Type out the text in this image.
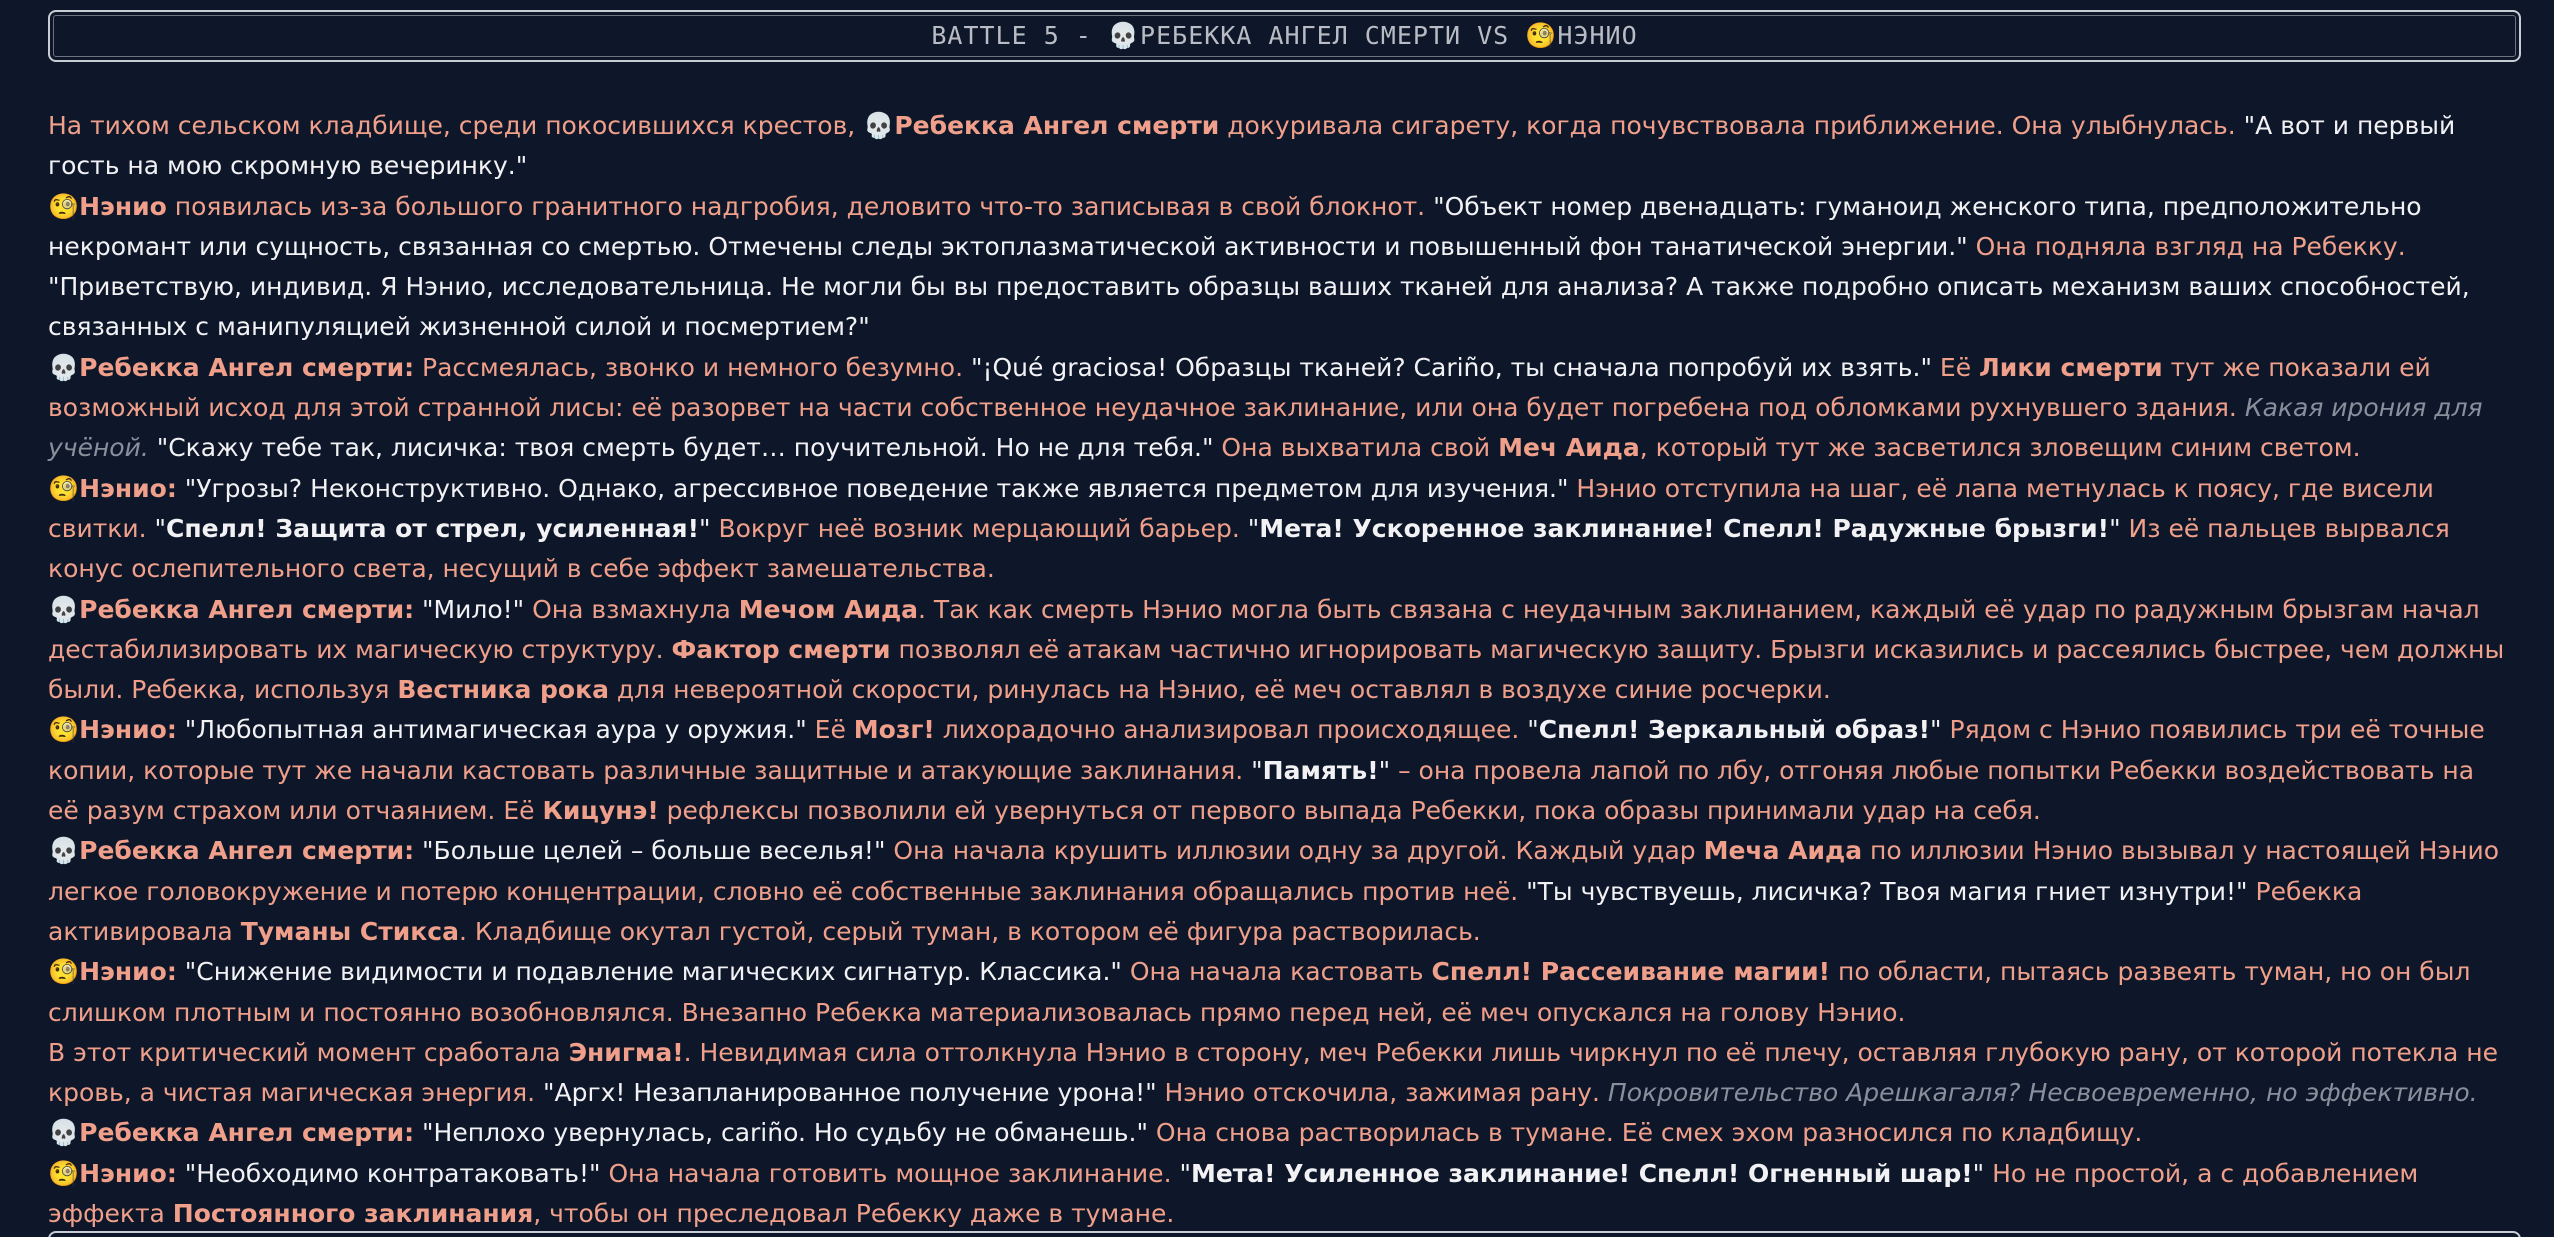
BATTLE 5 - 💀РЕБЕККА АНГЕЛ СМЕРТИ VS 🧐НЭНИО

На тихом сельском кладбище, среди покосившихся крестов, 💀Ребекка Ангел смерти докуривала сигарету, когда почувствовала приближение. Она улыбнулась. "А вот и первый гость на мою скромную вечеринку."

🧐Нэнио появилась из-за большого гранитного надгробия, деловито что-то записывая в свой блокнот. "Объект номер двенадцать: гуманоид женского типа, предположительно некромант или сущность, связанная со смертью. Отмечены следы эктоплазматической активности и повышенный фон танатической энергии." Она подняла взгляд на Ребекку. "Приветствую, индивид. Я Нэнио, исследовательница. Не могли бы вы предоставить образцы ваших тканей для анализа? А также подробно описать механизм ваших способностей, связанных с манипуляцией жизненной силой и посмертием?"

💀Ребекка Ангел смерти: Рассмеялась, звонко и немного безумно. "¡Qué graciosa! Образцы тканей? Cariño, ты сначала попробуй их взять." Её Лики смерти тут же показали ей возможный исход для этой странной лисы: её разорвет на части собственное неудачное заклинание, или она будет погребена под обломками рухнувшего здания. Какая ирония для учёной. "Скажу тебе так, лисичка: твоя смерть будет… поучительной. Но не для тебя." Она выхватила свой Меч Аида, который тут же засветился зловещим синим светом.

🧐Нэнио: "Угрозы? Неконструктивно. Однако, агрессивное поведение также является предметом для изучения." Нэнио отступила на шаг, её лапа метнулась к поясу, где висели свитки. "Спелл! Защита от стрел, усиленная!" Вокруг неё возник мерцающий барьер. "Мета! Ускоренное заклинание! Спелл! Радужные брызги!" Из её пальцев вырвался конус ослепительного света, несущий в себе эффект замешательства.

💀Ребекка Ангел смерти: "Мило!" Она взмахнула Мечом Аида. Так как смерть Нэнио могла быть связана с неудачным заклинанием, каждый её удар по радужным брызгам начал дестабилизировать их магическую структуру. Фактор смерти позволял её атакам частично игнорировать магическую защиту. Брызги исказились и рассеялись быстрее, чем должны были. Ребекка, используя Вестника рока для невероятной скорости, ринулась на Нэнио, её меч оставлял в воздухе синие росчерки.

🧐Нэнио: "Любопытная антимагическая аура у оружия." Её Мозг! лихорадочно анализировал происходящее. "Спелл! Зеркальный образ!" Рядом с Нэнио появились три её точные копии, которые тут же начали кастовать различные защитные и атакующие заклинания. "Память!" – она провела лапой по лбу, отгоняя любые попытки Ребекки воздействовать на её разум страхом или отчаянием. Её Кицунэ! рефлексы позволили ей увернуться от первого выпада Ребекки, пока образы принимали удар на себя.

💀Ребекка Ангел смерти: "Больше целей – больше веселья!" Она начала крушить иллюзии одну за другой. Каждый удар Меча Аида по иллюзии Нэнио вызывал у настоящей Нэнио легкое головокружение и потерю концентрации, словно её собственные заклинания обращались против неё. "Ты чувствуешь, лисичка? Твоя магия гниет изнутри!" Ребекка активировала Туманы Стикса. Кладбище окутал густой, серый туман, в котором её фигура растворилась.

🧐Нэнио: "Снижение видимости и подавление магических сигнатур. Классика." Она начала кастовать Спелл! Рассеивание магии! по области, пытаясь развеять туман, но он был слишком плотным и постоянно возобновлялся. Внезапно Ребекка материализовалась прямо перед ней, её меч опускался на голову Нэнио.

В этот критический момент сработала Энигма!. Невидимая сила оттолкнула Нэнио в сторону, меч Ребекки лишь чиркнул по её плечу, оставляя глубокую рану, от которой потекла не кровь, а чистая магическая энергия. "Аргх! Незапланированное получение урона!" Нэнио отскочила, зажимая рану. Покровительство Арешкагаля? Несвоевременно, но эффективно.

💀Ребекка Ангел смерти: "Неплохо увернулась, cariño. Но судьбу не обманешь." Она снова растворилась в тумане. Её смех эхом разносился по кладбищу.

🧐Нэнио: "Необходимо контратаковать!" Она начала готовить мощное заклинание. "Мета! Усиленное заклинание! Спелл! Огненный шар!" Но не простой, а с добавлением эффекта Постоянного заклинания, чтобы он преследовал Ребекку даже в тумане.
